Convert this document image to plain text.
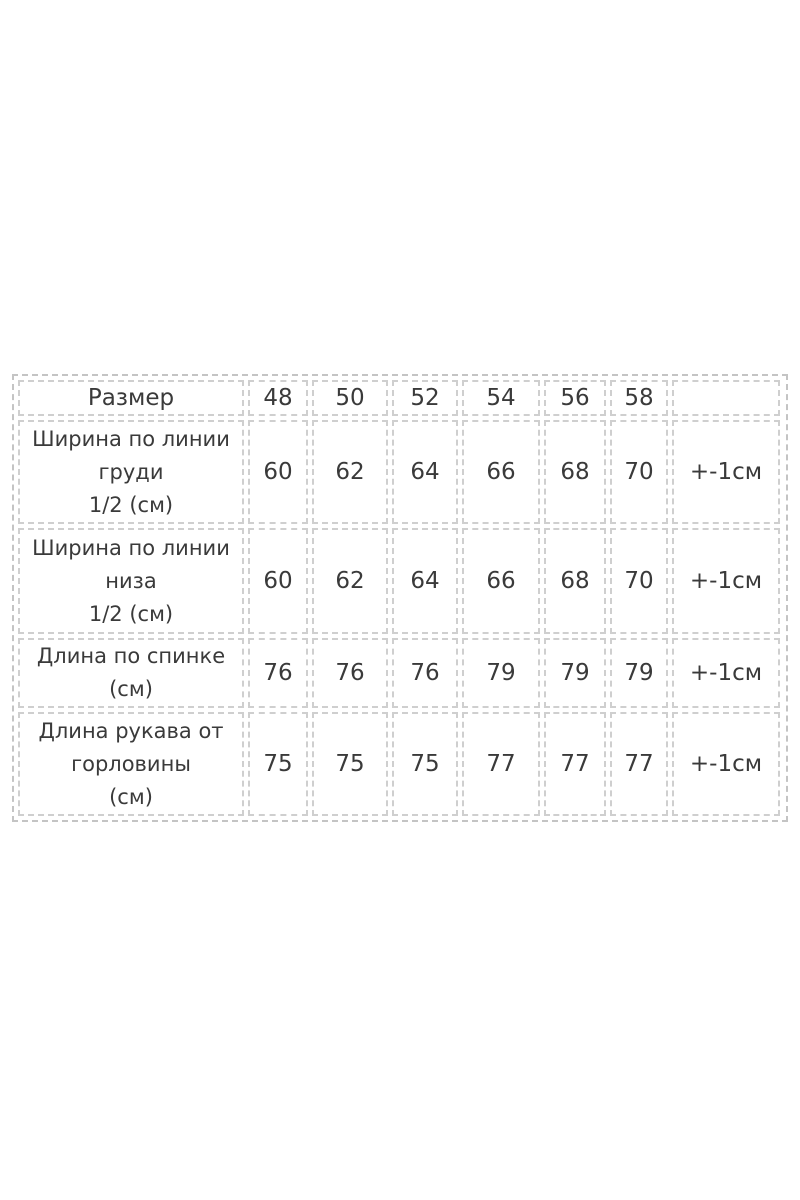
Размер	48 50 52 54 56 58
Ширина по линии
груди
1/2 (см)
60 62 64 66 68 70 +-1см
Ширина по линии
низа
1/2 (см)
60 62 64 66 68 70 +-1см
Длина по спинке
(см)
76 76 76 79 79 79 +-1см
Длина рукава от
горловины
(см)
75 75 75 77 77 77 +-1см
